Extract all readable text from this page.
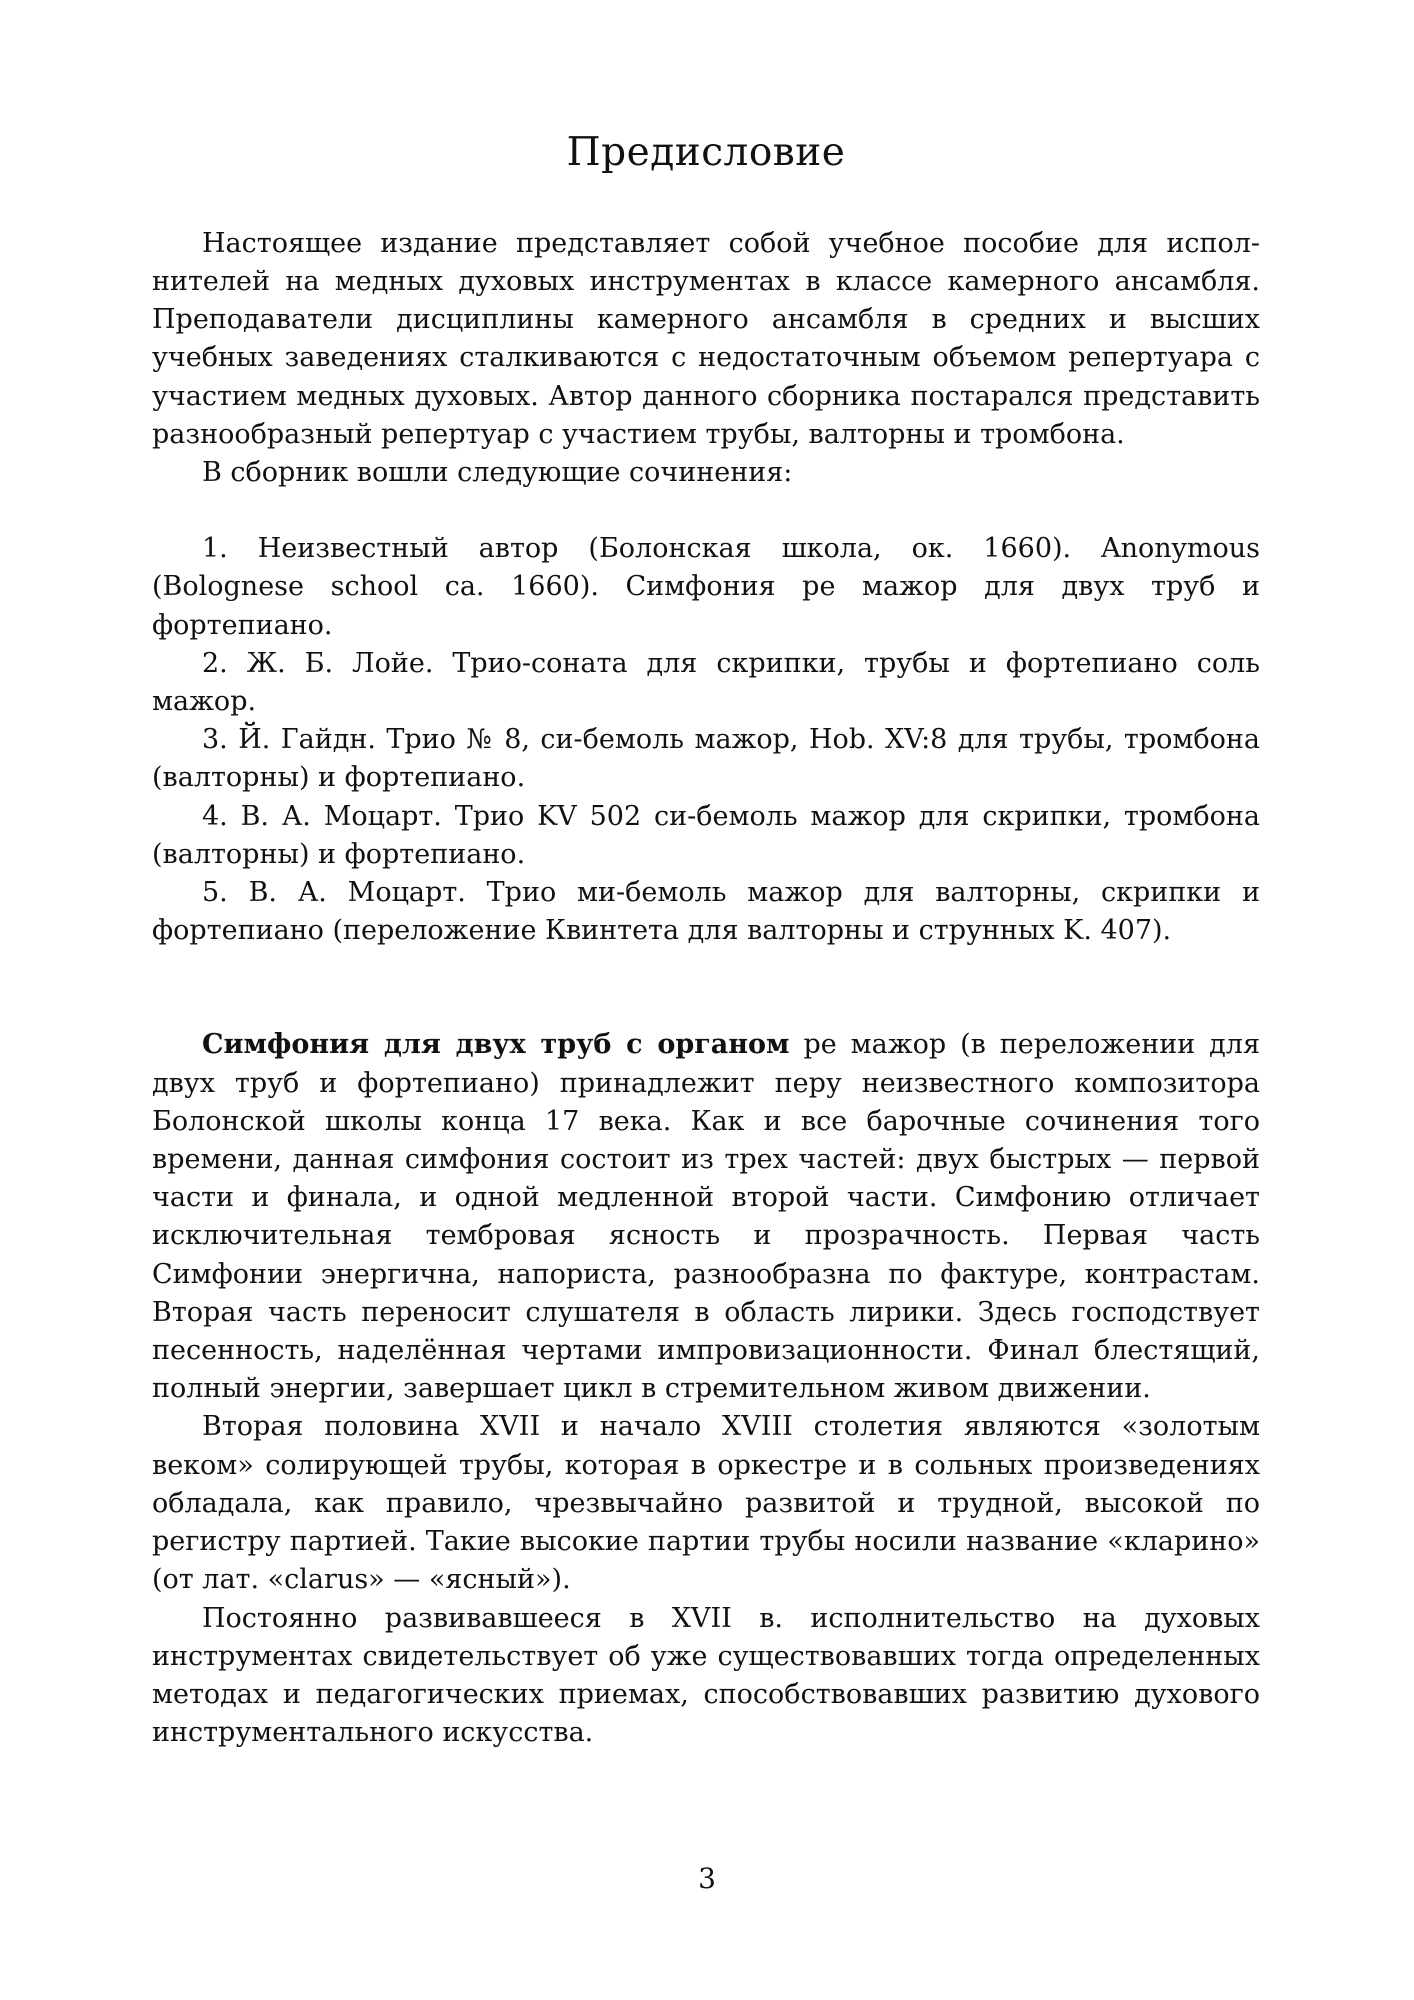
Предисловие

Настоящее издание представляет собой учебное пособие для исполнителей на медных духовых инструментах в классе камерного ансамбля. Преподаватели дисциплины камерного ансамбля в средних и высших учебных заведениях сталкиваются с недостаточным объемом репертуара с участием медных духовых. Автор данного сборника постарался представить разнообразный репертуар с участием трубы, валторны и тромбона.

В сборник вошли следующие сочинения:

1. Неизвестный автор (Болонская школа, ок. 1660). Anonymous (Bolognese school ca. 1660). Симфония ре мажор для двух труб и фортепиано.

2. Ж. Б. Лойе. Трио-соната для скрипки, трубы и фортепиано соль мажор.

3. Й. Гайдн. Трио № 8, си-бемоль мажор, Hob. XV:8 для трубы, тромбона (валторны) и фортепиано.

4. В. А. Моцарт. Трио KV 502 си-бемоль мажор для скрипки, тромбона (валторны) и фортепиано.

5. В. А. Моцарт. Трио ми-бемоль мажор для валторны, скрипки и фортепиано (переложение Квинтета для валторны и струнных K. 407).

Симфония для двух труб с органом ре мажор (в переложении для двух труб и фортепиано) принадлежит перу неизвестного композитора Болонской школы конца 17 века. Как и все барочные сочинения того времени, данная симфония состоит из трех частей: двух быстрых — первой части и финала, и одной медленной второй части. Симфонию отличает исключительная тембровая ясность и прозрачность. Первая часть Симфонии энергична, напориста, разнообразна по фактуре, контрастам. Вторая часть переносит слушателя в область лирики. Здесь господствует песенность, наделённая чертами импровизационности. Финал блестящий, полный энергии, завершает цикл в стремительном живом движении.

Вторая половина XVII и начало XVIII столетия являются «золотым веком» солирующей трубы, которая в оркестре и в сольных произведениях обладала, как правило, чрезвычайно развитой и трудной, высокой по регистру партией. Такие высокие партии трубы носили название «кларино» (от лат. «clarus» — «ясный»).

Постоянно развивавшееся в XVII в. исполнительство на духовых инструментах свидетельствует об уже существовавших тогда определенных методах и педагогических приемах, способствовавших развитию духового инструментального искусства.

3
